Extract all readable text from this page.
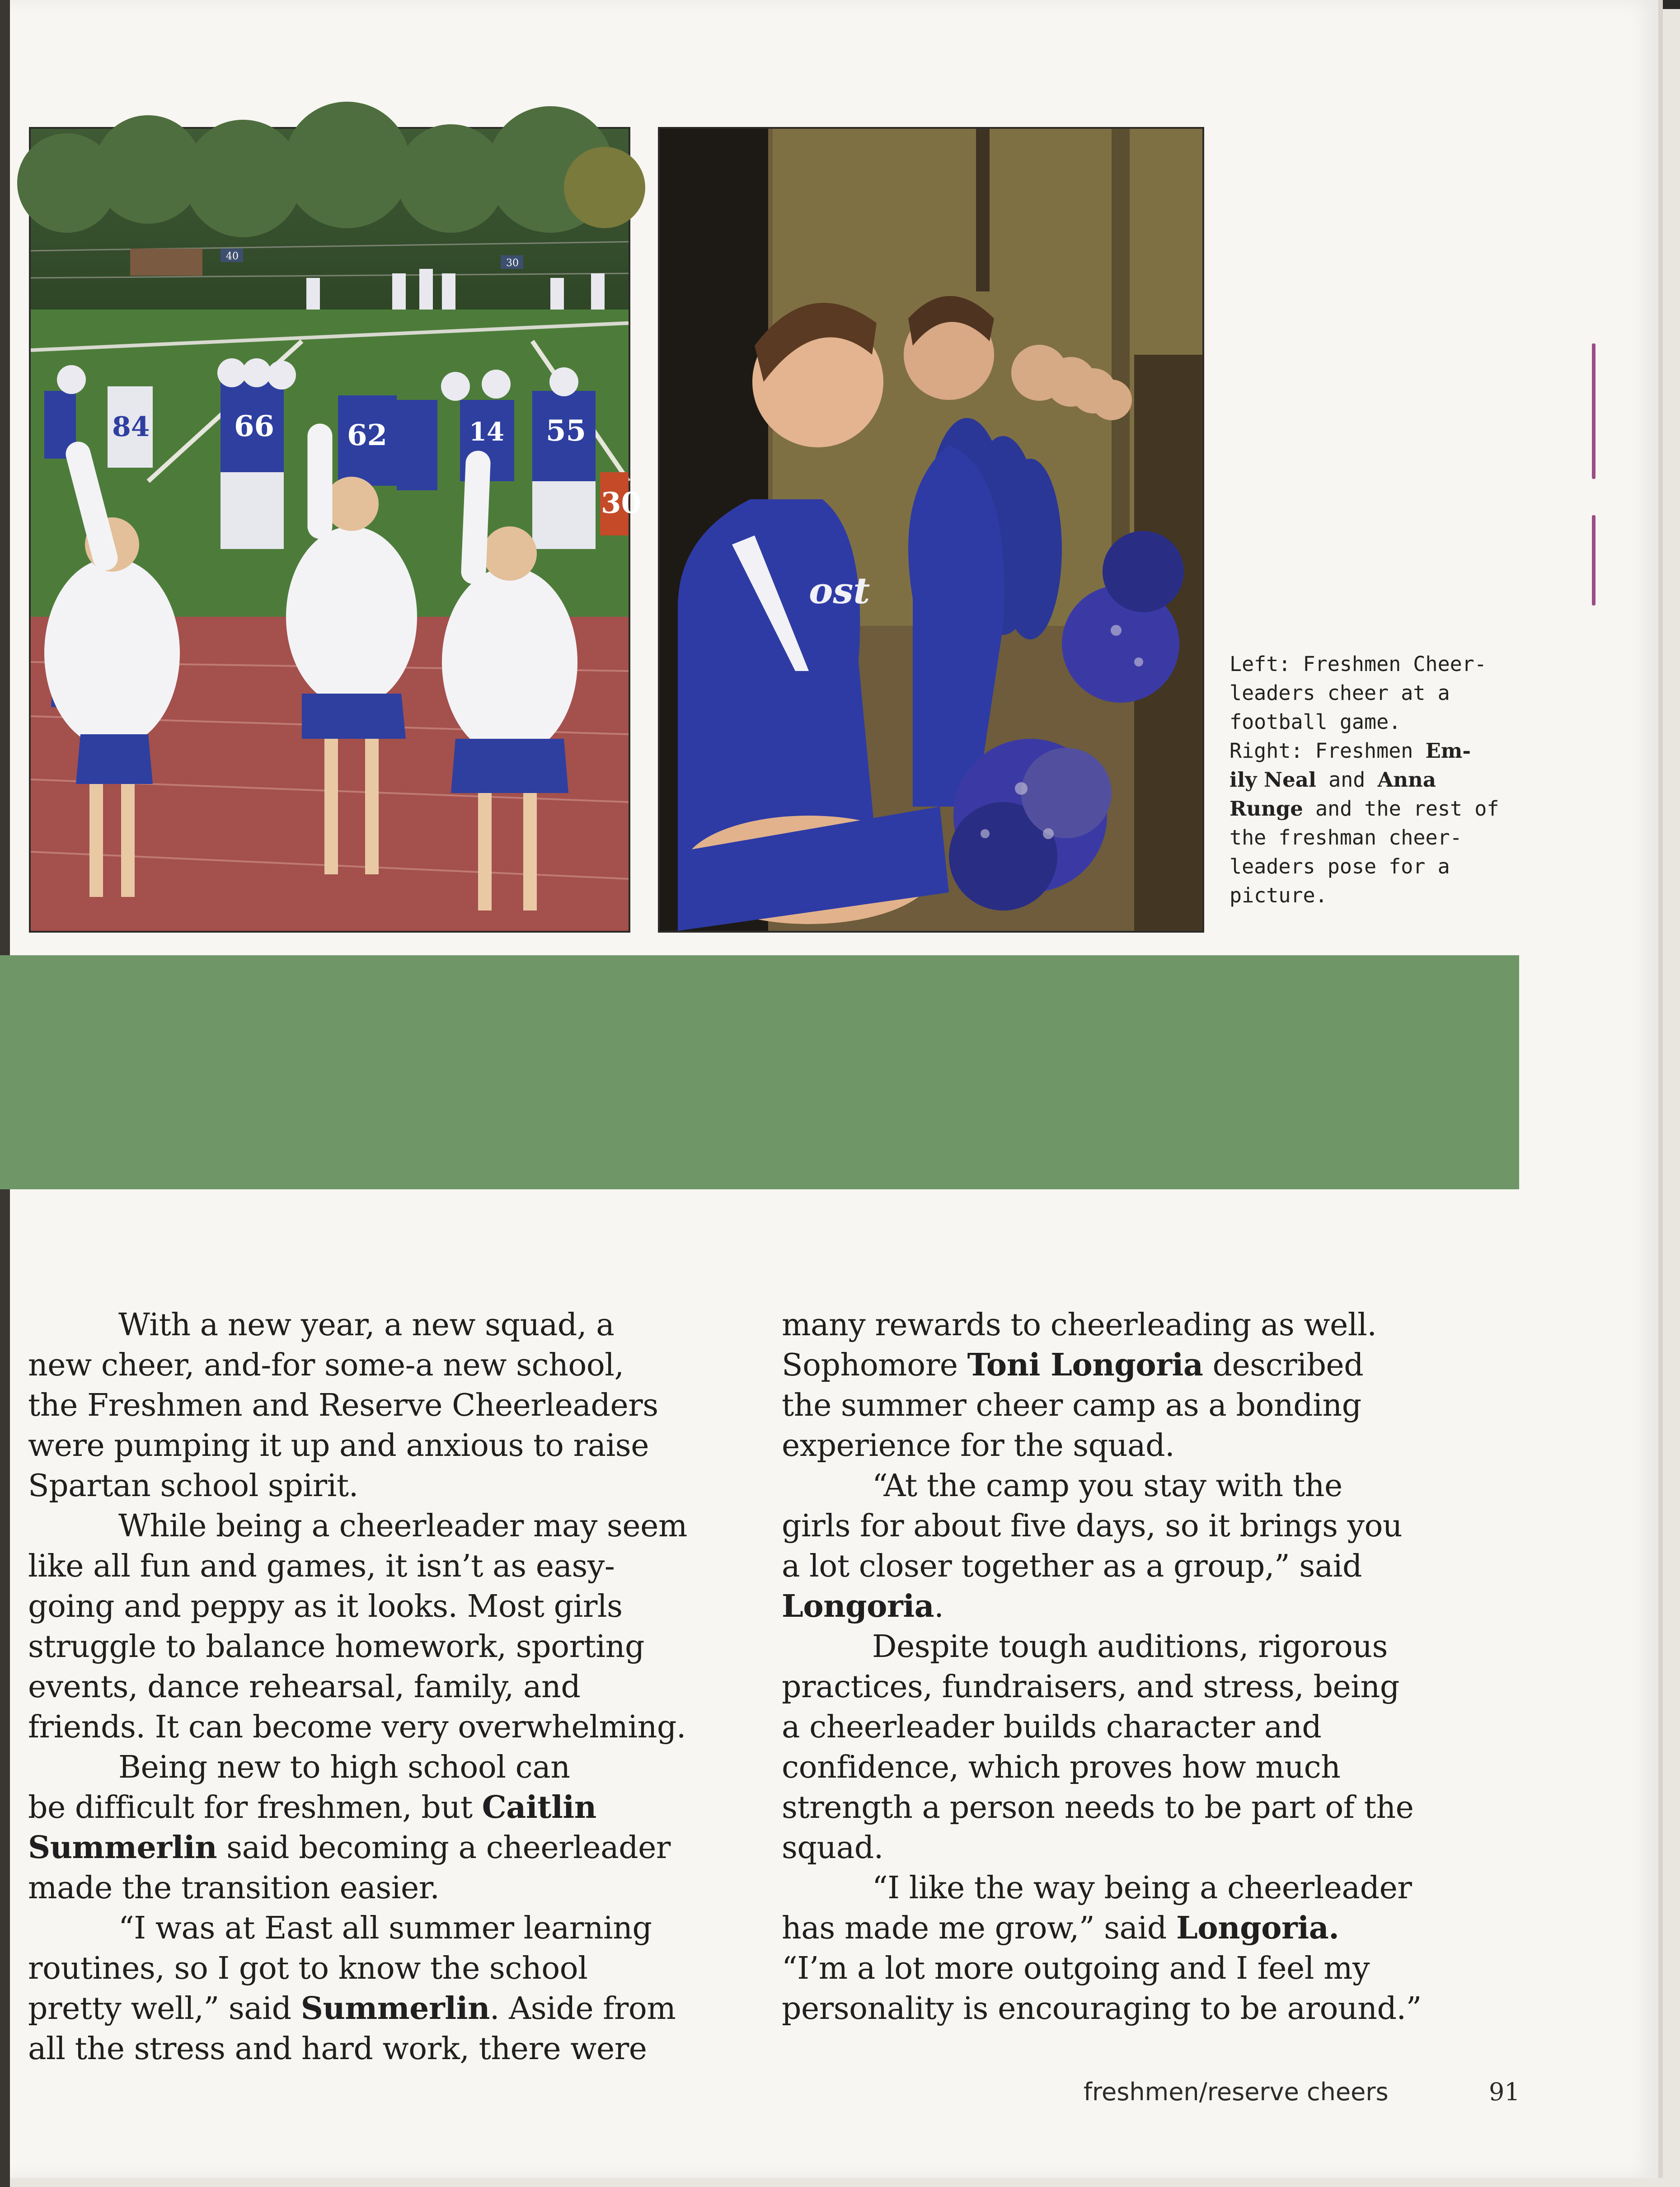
40
30
84	66	62	14 55
30
ost
Left: Freshmen Cheer-
leaders cheer at a
football game.
Right: Freshmen Em-
ily Neal and Anna
Runge and the rest of
the freshman cheer-
leaders pose for a
picture.

With a new year, a new squad, a

new cheer, and-for some-a new school,

the Freshmen and Reserve Cheerleaders

were pumping it up and anxious to raise

Spartan school spirit.

While being a cheerleader may seem

like all fun and games, it isn’t as easy-

going and peppy as it looks. Most girls

struggle to balance homework, sporting

events, dance rehearsal, family, and

friends. It can become very overwhelming.

Being new to high school can

be difficult for freshmen, but Caitlin

Summerlin said becoming a cheerleader

made the transition easier.

“I was at East all summer learning

routines, so I got to know the school

pretty well,” said Summerlin. Aside from

all the stress and hard work, there were

many rewards to cheerleading as well.

Sophomore Toni Longoria described

the summer cheer camp as a bonding

experience for the squad.

“At the camp you stay with the

girls for about five days, so it brings you

a lot closer together as a group,” said

Longoria.

Despite tough auditions, rigorous

practices, fundraisers, and stress, being

a cheerleader builds character and

confidence, which proves how much

strength a person needs to be part of the

squad.

“I like the way being a cheerleader

has made me grow,” said Longoria.

“I’m a lot more outgoing and I feel my

personality is encouraging to be around.”

freshmen/reserve cheers	91
